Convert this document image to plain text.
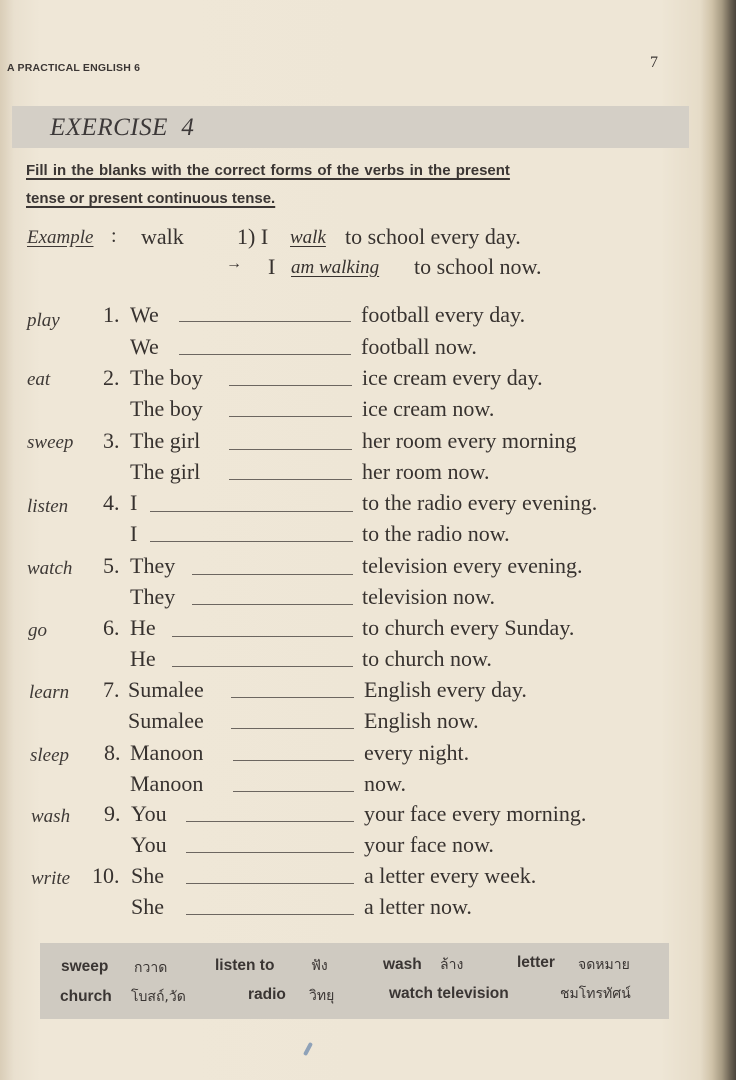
A PRACTICAL ENGLISH 6	7
EXERCISE  4
Fill in the blanks with the correct forms of the verbs in the present
tense or present continuous tense.
Example : walk 1) I walk to school every day.
→ I am walking to school now.
play 1. We	football every day.
We	football now.
eat 2. The boy	ice cream every day.
The boy	ice cream now.
sweep 3. The girl	her room every morning
The girl	her room now.
listen 4. I	to the radio every evening.
I	to the radio now.
watch 5. They	television every evening.
They	television now.
go	6. He	to church every Sunday.
He	to church now.
learn 7. Sumalee	English every day.
Sumalee	English now.
sleep 8. Manoon	every night.
Manoon	now.
wash 9. You	your face every morning.
You	your face now.
write 10. She	a letter every week.
She	a letter now.
sweep กวาด	listen to	ฟัง	wash ล้าง	letter จดหมาย
church โบสถ์,วัด	radio วิทยุ	watch television	ชมโทรทัศน์
